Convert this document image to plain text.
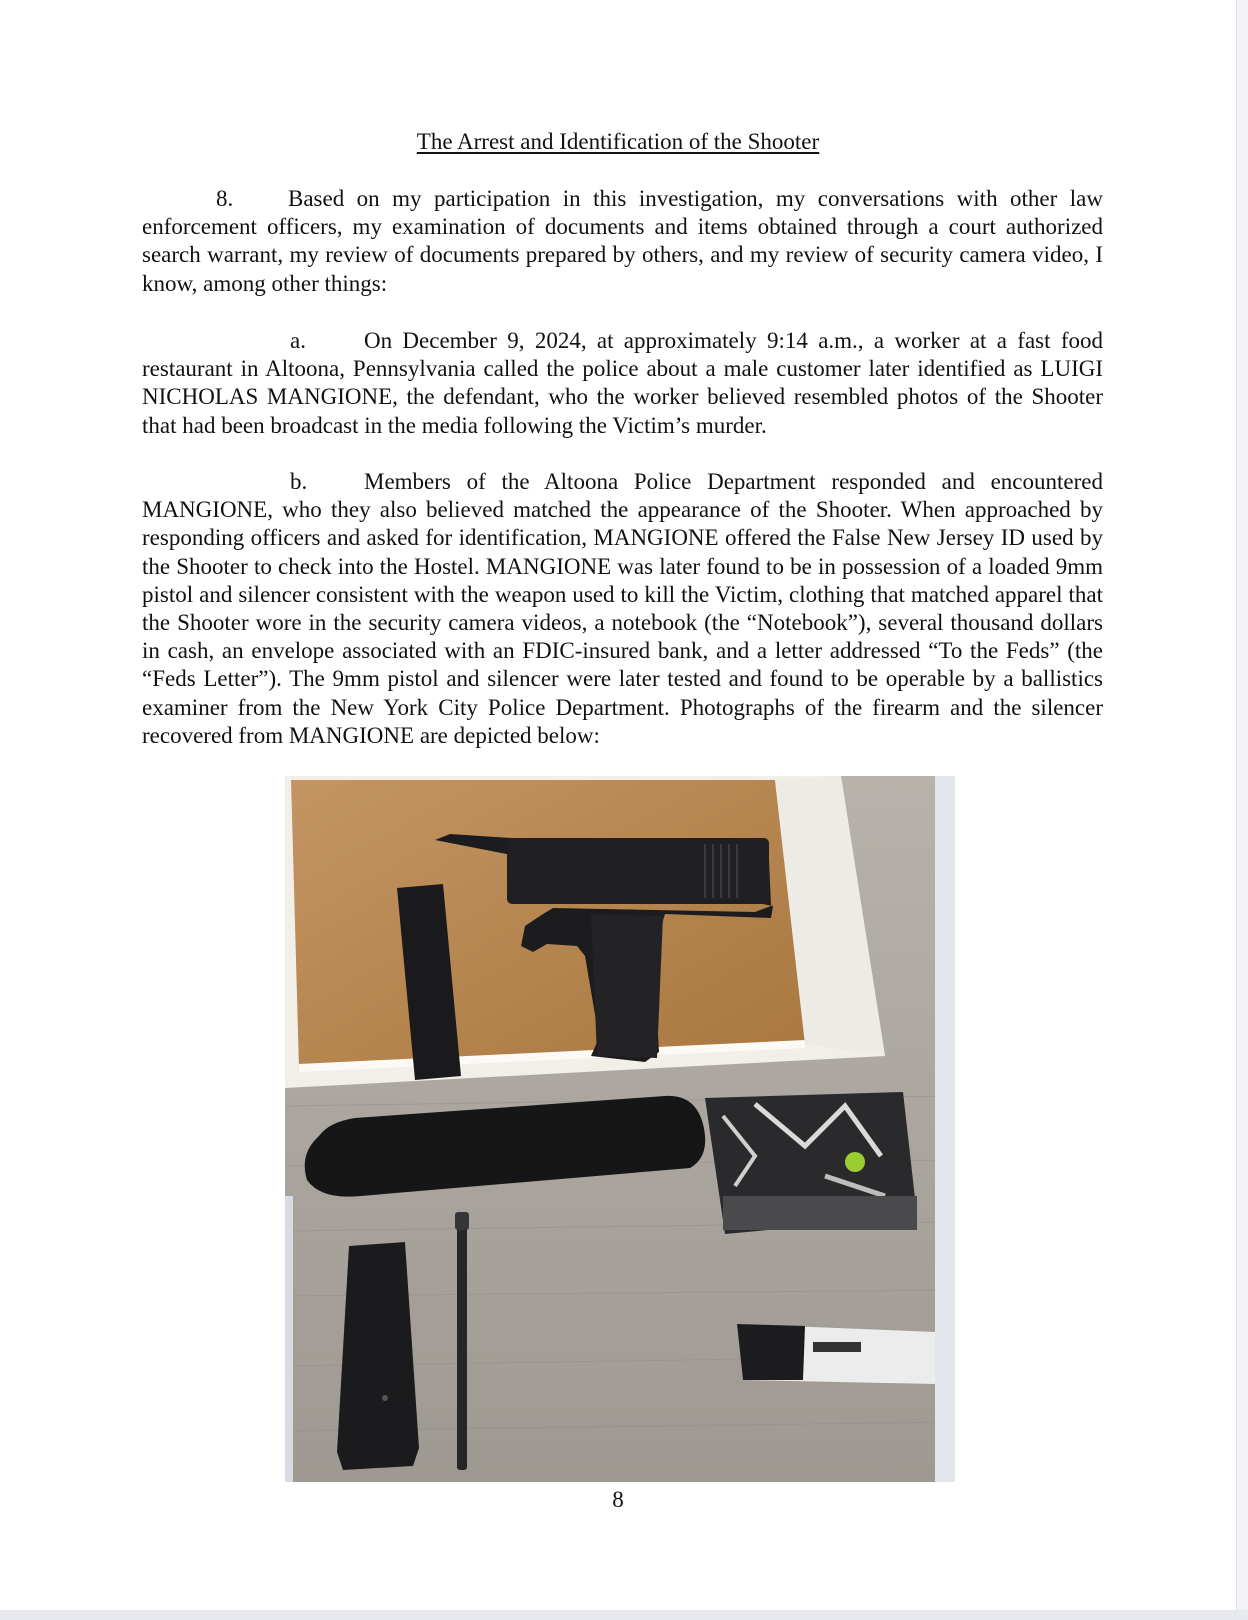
The Arrest and Identification of the Shooter

8. Based on my participation in this investigation, my conversations with other law enforcement officers, my examination of documents and items obtained through a court authorized search warrant, my review of documents prepared by others, and my review of security camera video, I know, among other things:

a.	On December 9, 2024, at approximately 9:14 a.m., a worker at a fast food restaurant in Altoona, Pennsylvania called the police about a male customer later identified as LUIGI NICHOLAS MANGIONE, the defendant, who the worker believed resembled photos of the Shooter that had been broadcast in the media following the Victim’s murder.

b. Members of the Altoona Police Department responded and encountered MANGIONE, who they also believed matched the appearance of the Shooter. When approached by responding officers and asked for identification, MANGIONE offered the False New Jersey ID used by the Shooter to check into the Hostel. MANGIONE was later found to be in possession of a loaded 9mm pistol and silencer consistent with the weapon used to kill the Victim, clothing that matched apparel that the Shooter wore in the security camera videos, a notebook (the “Notebook”), several thousand dollars in cash, an envelope associated with an FDIC-insured bank, and a letter addressed “To the Feds” (the “Feds Letter”). The 9mm pistol and silencer were later tested and found to be operable by a ballistics examiner from the New York City Police Department. Photographs of the firearm and the silencer recovered from MANGIONE are depicted below:

8
